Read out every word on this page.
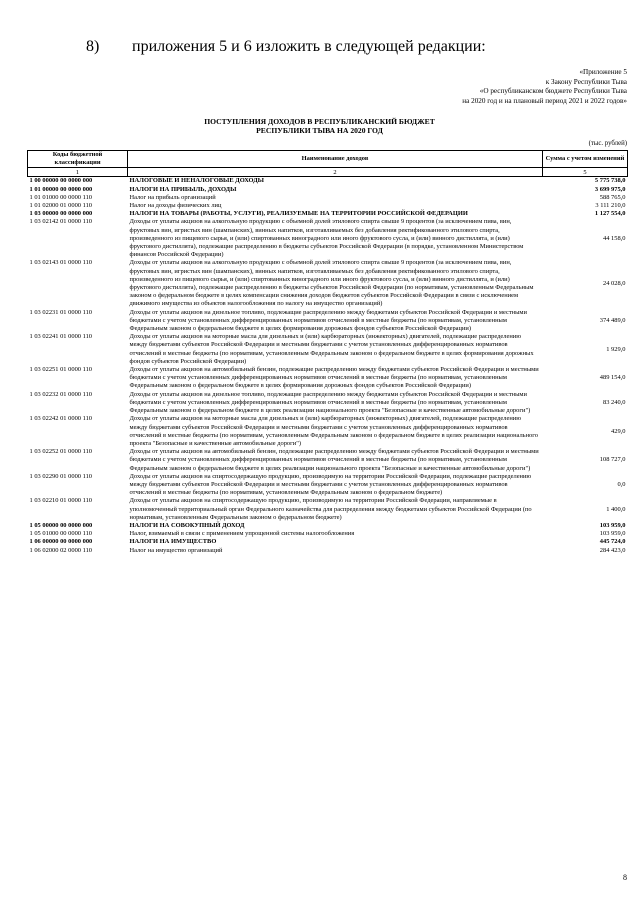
8) приложения 5 и 6 изложить в следующей редакции:
«Приложение 5
к Закону Республики Тыва
«О республиканском бюджете Республики Тыва
на 2020 год и на плановый период 2021 и 2022 годов»
ПОСТУПЛЕНИЯ ДОХОДОВ В РЕСПУБЛИКАНСКИЙ БЮДЖЕТ
РЕСПУБЛИКИ ТЫВА НА 2020 ГОД
(тыс. рублей)
Коды бюджетной классификации	Наименование доходов	Сумма с учетом изменений
1	2	5
1 00 00000 00 0000 000	НАЛОГОВЫЕ И НЕНАЛОГОВЫЕ ДОХОДЫ	5 775 738,0
1 01 00000 00 0000 000	НАЛОГИ НА ПРИБЫЛЬ, ДОХОДЫ	3 699 975,0
1 01 01000 00 0000 110	Налог на прибыль организаций	588 765,0
1 01 02000 01 0000 110	Налог на доходы физических лиц	3 111 210,0
1 03 00000 00 0000 000	НАЛОГИ НА ТОВАРЫ (РАБОТЫ, УСЛУГИ), РЕАЛИЗУЕМЫЕ НА ТЕРРИТОРИИ РОССИЙСКОЙ ФЕДЕРАЦИИ	1 127 554,0
1 03 02142 01 0000 110	Доходы от уплаты акцизов на алкогольную продукцию с объемной долей этилового спирта свыше 9 процентов (за исключением пива, вин, фруктовых вин, игристых вин (шампанских), винных напитков, изготавливаемых без добавления ректификованного этилового спирта, произведенного из пищевого сырья, и (или) спиртованных виноградного или иного фруктового сусла, и (или) винного дистиллята, и (или) фруктового дистиллята), подлежащие распределению в бюджеты субъектов Российской Федерации (в порядке, установленном Министерством финансов Российской Федерации)	44 158,0
1 03 02143 01 0000 110	Доходы от уплаты акцизов на алкогольную продукцию с объемной долей этилового спирта свыше 9 процентов (за исключением пива, вин, фруктовых вин, игристых вин (шампанских), винных напитков, изготавливаемых без добавления ректификованного этилового спирта, произведенного из пищевого сырья, и (или) спиртованных виноградного или иного фруктового сусла, и (или) винного дистиллята, и (или) фруктового дистиллята), подлежащие распределению в бюджеты субъектов Российской Федерации (по нормативам, установленным Федеральным законом о федеральном бюджете в целях компенсации снижения доходов бюджетов субъектов Российской Федерации в связи с исключением движимого имущества из объектов налогообложения по налогу на имущество организаций)	24 028,0
1 03 02231 01 0000 110	Доходы от уплаты акцизов на дизельное топливо, подлежащие распределению между бюджетами субъектов Российской Федерации и местными бюджетами с учетом установленных дифференцированных нормативов отчислений в местные бюджеты (по нормативам, установленным Федеральным законом о федеральном бюджете в целях формирования дорожных фондов субъектов Российской Федерации)	374 489,0
1 03 02241 01 0000 110	Доходы от уплаты акцизов на моторные масла для дизельных и (или) карбюраторных (инжекторных) двигателей, подлежащие распределению между бюджетами субъектов Российской Федерации и местными бюджетами с учетом установленных дифференцированных нормативов отчислений в местные бюджеты (по нормативам, установленным Федеральным законом о федеральном бюджете в целях формирования дорожных фондов субъектов Российской Федерации)	1 929,0
1 03 02251 01 0000 110	Доходы от уплаты акцизов на автомобильный бензин, подлежащие распределению между бюджетами субъектов Российской Федерации и местными бюджетами с учетом установленных дифференцированных нормативов отчислений в местные бюджеты (по нормативам, установленным Федеральным законом о федеральном бюджете в целях формирования дорожных фондов субъектов Российской Федерации)	489 154,0
1 03 02232 01 0000 110	Доходы от уплаты акцизов на дизельное топливо, подлежащие распределению между бюджетами субъектов Российской Федерации и местными бюджетами с учетом установленных дифференцированных нормативов отчислений в местные бюджеты (по нормативам, установленным Федеральным законом о федеральном бюджете в целях реализации национального проекта "Безопасные и качественные автомобильные дороги")	83 240,0
1 03 02242 01 0000 110	Доходы от уплаты акцизов на моторные масла для дизельных и (или) карбюраторных (инжекторных) двигателей, подлежащие распределению между бюджетами субъектов Российской Федерации и местными бюджетами с учетом установленных дифференцированных нормативов отчислений в местные бюджеты (по нормативам, установленным Федеральным законом о федеральном бюджете в целях реализации национального проекта "Безопасные и качественные автомобильные дороги")	429,0
1 03 02252 01 0000 110	Доходы от уплаты акцизов на автомобильный бензин, подлежащие распределению между бюджетами субъектов Российской Федерации и местными бюджетами с учетом установленных дифференцированных нормативов отчислений в местные бюджеты (по нормативам, установленным Федеральным законом о федеральном бюджете в целях реализации национального проекта "Безопасные и качественные автомобильные дороги")	108 727,0
1 03 02290 01 0000 110	Доходы от уплаты акцизов на спиртосодержащую продукцию, производимую на территории Российской Федерации, подлежащие распределению между бюджетами субъектов Российской Федерации и местными бюджетами с учетом установленных дифференцированных нормативов отчислений в местные бюджеты (по нормативам, установленным Федеральным законом о федеральном бюджете)	0,0
1 03 02210 01 0000 110	Доходы от уплаты акцизов на спиртосодержащую продукцию, производимую на территории Российской Федерации, направляемые в уполномоченный территориальный орган Федерального казначейства для распределения между бюджетами субъектов Российской Федерации (по нормативам, установленным Федеральным законом о федеральном бюджете)	1 400,0
1 05 00000 00 0000 000	НАЛОГИ НА СОВОКУПНЫЙ ДОХОД	103 959,0
1 05 01000 00 0000 110	Налог, взимаемый в связи с применением упрощенной системы налогообложения	103 959,0
1 06 00000 00 0000 000	НАЛОГИ НА ИМУЩЕСТВО	445 724,0
1 06 02000 02 0000 110	Налог на имущество организаций	284 423,0
8
